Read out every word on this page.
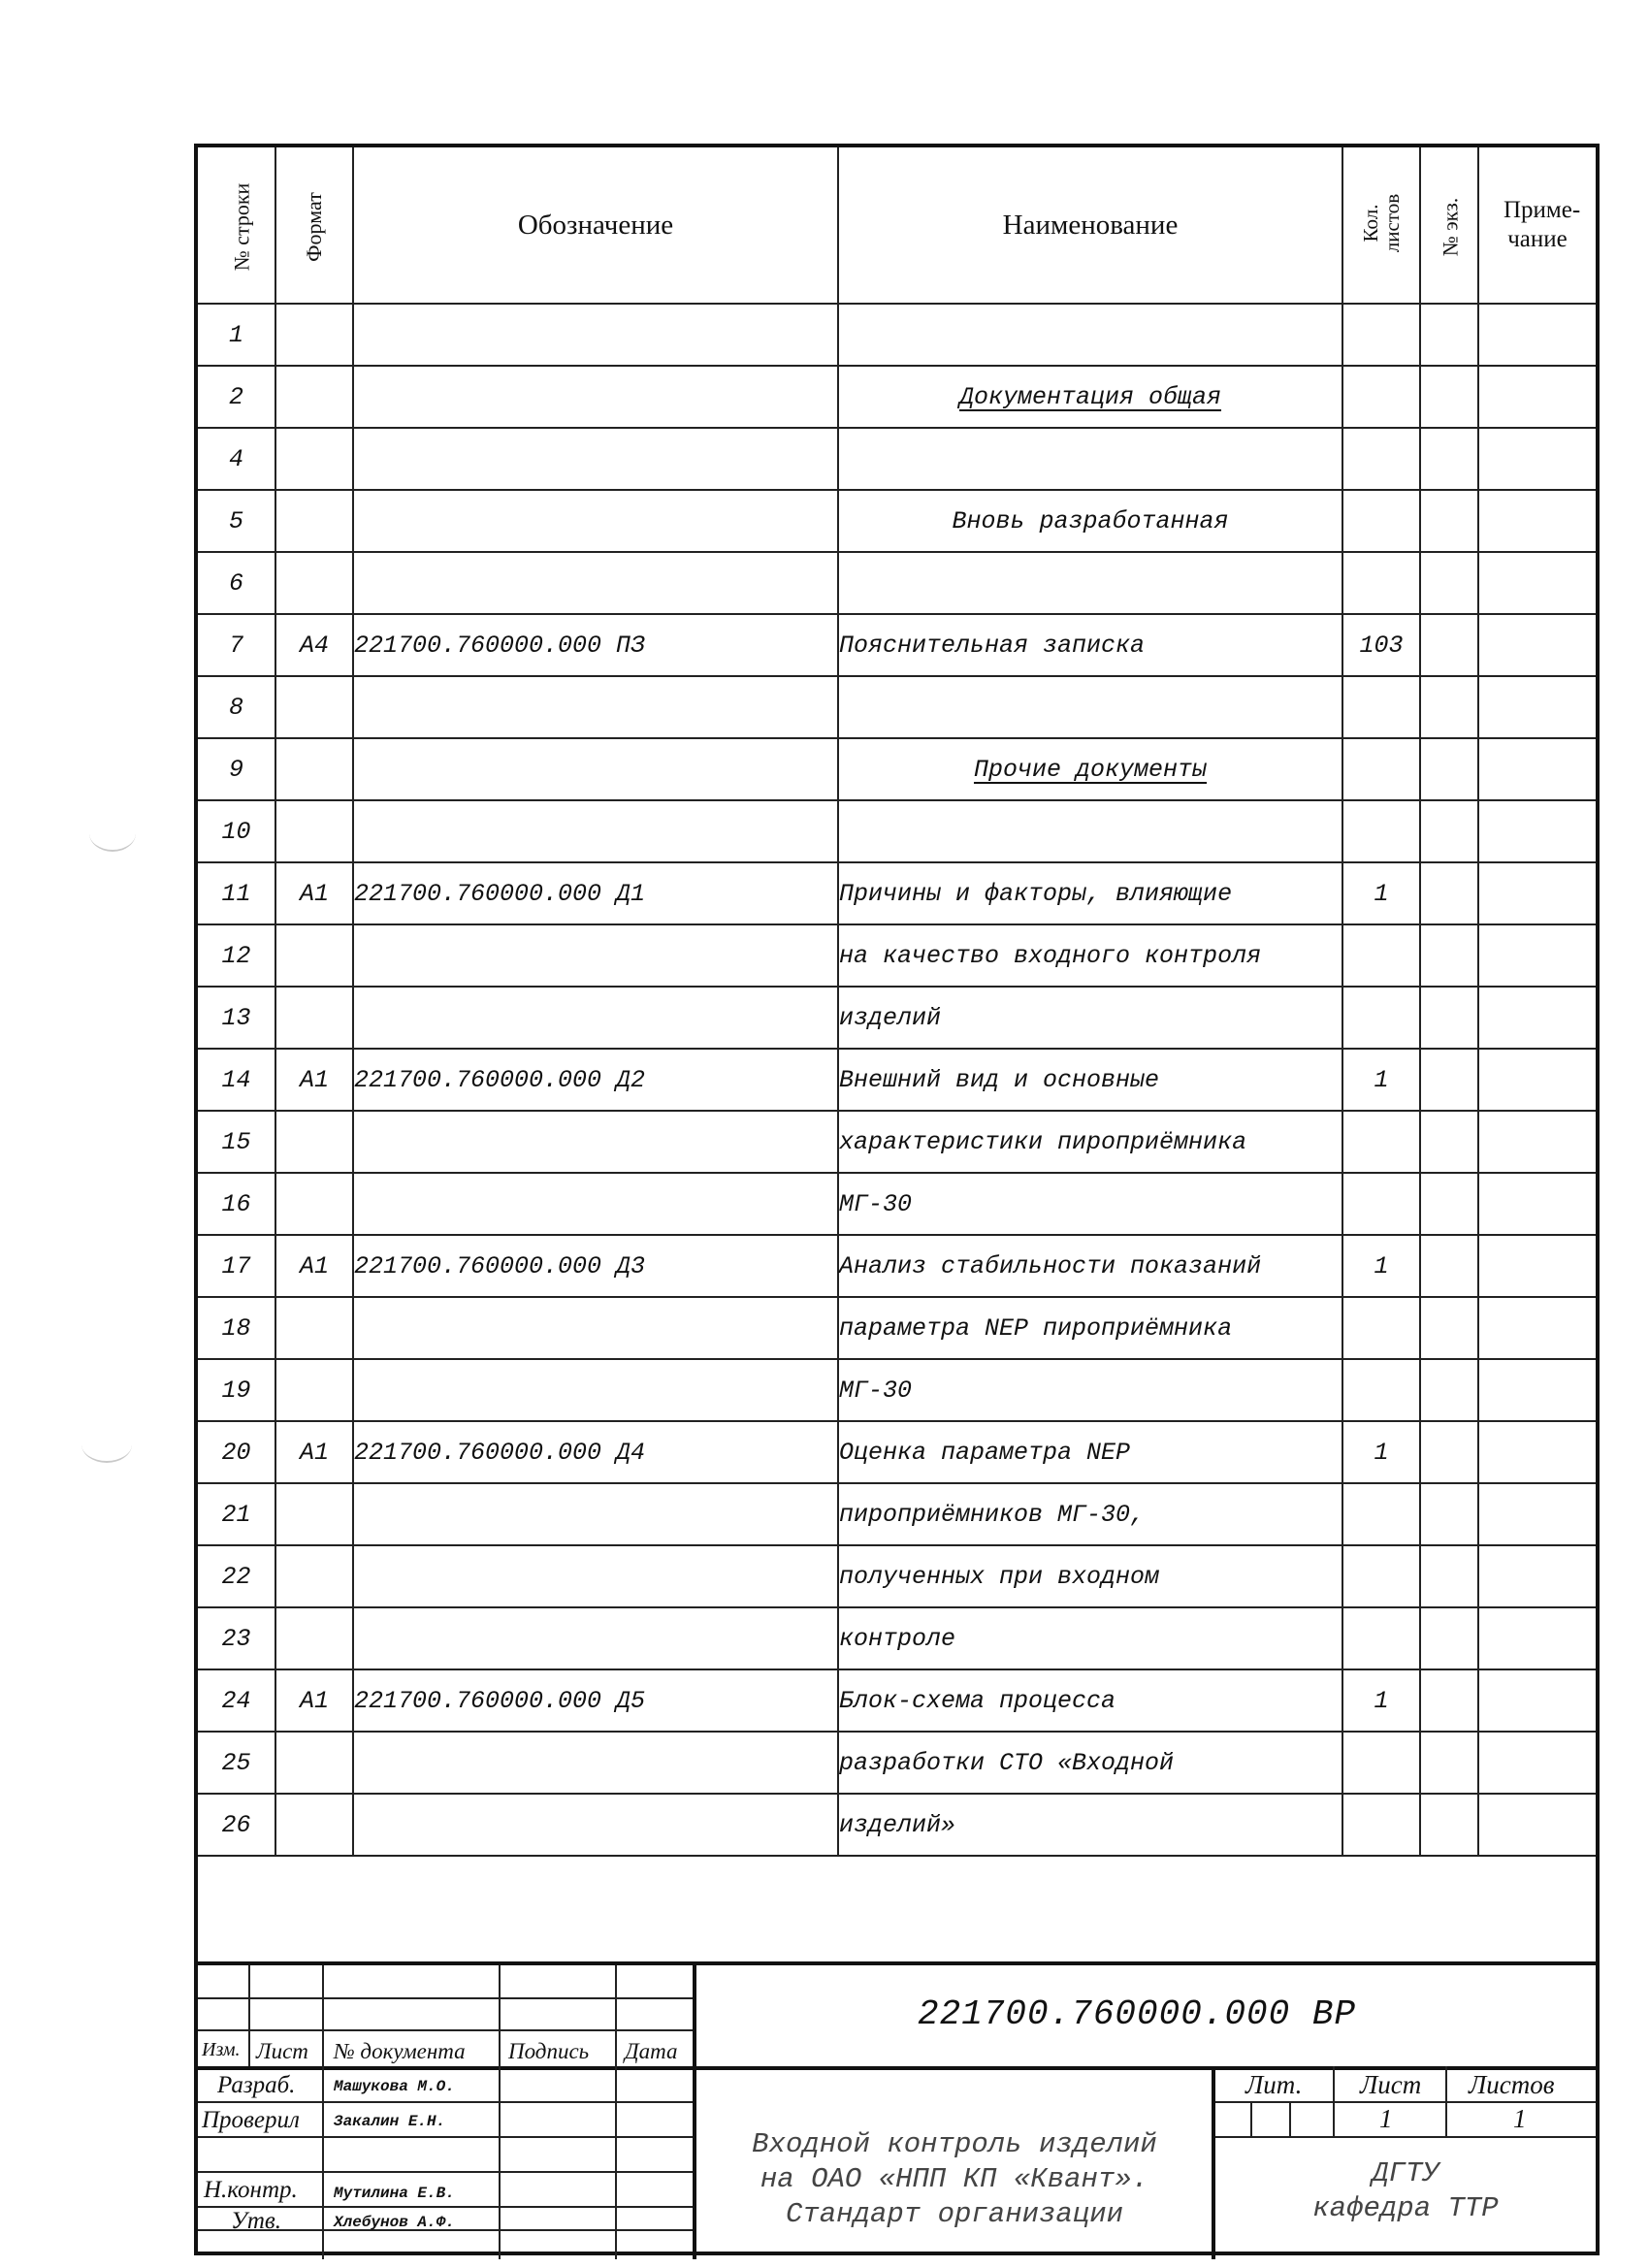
№ строки	Формат	Обозначение	Наименование	Кол. листов	№ экз.	Приме- чание
1						
2			Документация общая			
4						
5			Вновь разработанная			
6						
7	А4	221700.760000.000 ПЗ	Пояснительная записка	103		
8						
9			Прочие документы			
10						
11	А1	221700.760000.000 Д1	Причины и факторы, влияющие	1		
12			на качество входного контроля			
13			изделий			
14	А1	221700.760000.000 Д2	Внешний вид и основные	1		
15			характеристики пироприёмника			
16			МГ-30			
17	А1	221700.760000.000 Д3	Анализ стабильности показаний	1		
18			параметра NEP пироприёмника			
19			МГ-30			
20	А1	221700.760000.000 Д4	Оценка параметра NEP	1		
21			пироприёмников МГ-30,			
22			полученных при входном			
23			контроле			
24	А1	221700.760000.000 Д5	Блок-схема процесса	1		
25			разработки СТО «Входной			
26			изделий»			
221700.760000.000 ВР
Изм. Лист № документа Подпись Дата
Разраб. Машукова М.О.
Проверил Закалин Е.Н.
Н.контр. Мутилина Е.В.
Утв.	Хлебунов А.Ф.
Входной контроль изделий
на ОАО «НПП КП «Квант».
Стандарт организации
Лит. Лист Листов
1	1
ДГТУ
кафедра ТТР
